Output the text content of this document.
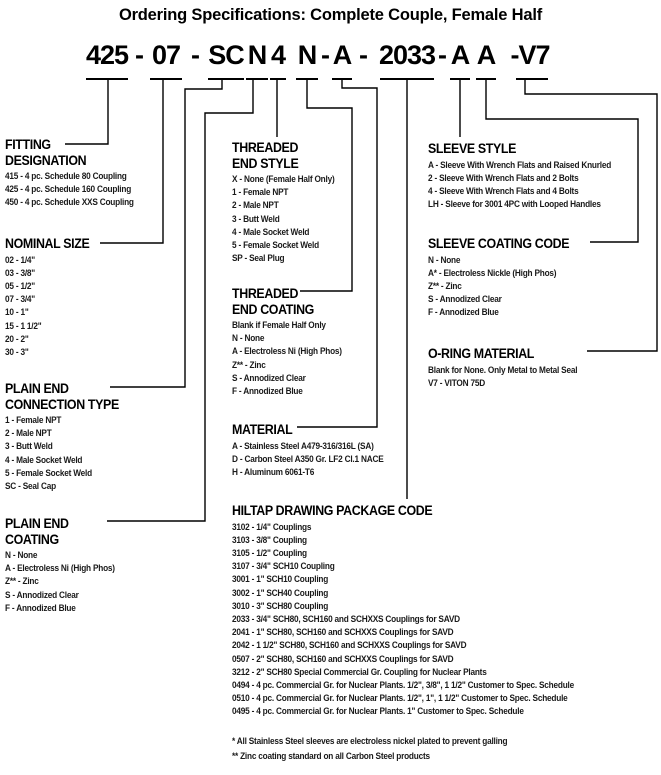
Ordering Specifications: Complete Couple, Female Half
425 - 07 - SC N 4 N - A - 2033 - A A -V7
FITTING
DESIGNATION
415 - 4 pc. Schedule 80 Coupling
425 - 4 pc. Schedule 160 Coupling
450 - 4 pc. Schedule XXS Coupling
NOMINAL SIZE
02 - 1/4"
03 - 3/8"
05 - 1/2"
07 - 3/4"
10 - 1"
15 - 1 1/2"
20 - 2"
30 - 3"
PLAIN END
CONNECTION TYPE
1 - Female NPT
2 - Male NPT
3 - Butt Weld
4 - Male Socket Weld
5 - Female Socket Weld
SC - Seal Cap
PLAIN END
COATING
N - None
A - Electroless Ni (High Phos)
Z** - Zinc
S - Annodized Clear
F - Annodized Blue
THREADED
END STYLE
X - None (Female Half Only)
1 - Female NPT
2 - Male NPT
3 - Butt Weld
4 - Male Socket Weld
5 - Female Socket Weld
SP - Seal Plug
THREADED
END COATING
Blank if Female Half Only
N - None
A - Electroless Ni (High Phos)
Z** - Zinc
S - Annodized Clear
F - Annodized Blue
MATERIAL
A - Stainless Steel A479-316/316L (SA)
D - Carbon Steel A350 Gr. LF2 Cl.1 NACE
H - Aluminum 6061-T6
HILTAP DRAWING PACKAGE CODE
3102 - 1/4" Couplings
3103 - 3/8" Coupling
3105 - 1/2" Coupling
3107 - 3/4" SCH10 Coupling
3001 - 1" SCH10 Coupling
3002 - 1" SCH40 Coupling
3010 - 3" SCH80 Coupling
2033 - 3/4" SCH80, SCH160 and SCHXXS Couplings for SAVD
2041 - 1" SCH80, SCH160 and SCHXXS Couplings for SAVD
2042 - 1 1/2" SCH80, SCH160 and SCHXXS Couplings for SAVD
0507 - 2" SCH80, SCH160 and SCHXXS Couplings for SAVD
3212 - 2" SCH80 Special Commercial Gr. Coupling for Nuclear Plants
0494 - 4 pc. Commercial Gr. for Nuclear Plants. 1/2", 3/8", 1 1/2" Customer to Spec. Schedule
0510 - 4 pc. Commercial Gr. for Nuclear Plants. 1/2", 1", 1 1/2" Customer to Spec. Schedule
0495 - 4 pc. Commercial Gr. for Nuclear Plants. 1" Customer to Spec. Schedule
SLEEVE STYLE
A - Sleeve With Wrench Flats and Raised Knurled
2 - Sleeve With Wrench Flats and 2 Bolts
4 - Sleeve With Wrench Flats and 4 Bolts
LH - Sleeve for 3001 4PC with Looped Handles
SLEEVE COATING CODE
N - None
A* - Electroless Nickle (High Phos)
Z** - Zinc
S - Annodized Clear
F - Annodized Blue
O-RING MATERIAL
Blank for None. Only Metal to Metal Seal
V7 - VITON 75D
* All Stainless Steel sleeves are electroless nickel plated to prevent galling
** Zinc coating standard on all Carbon Steel products
